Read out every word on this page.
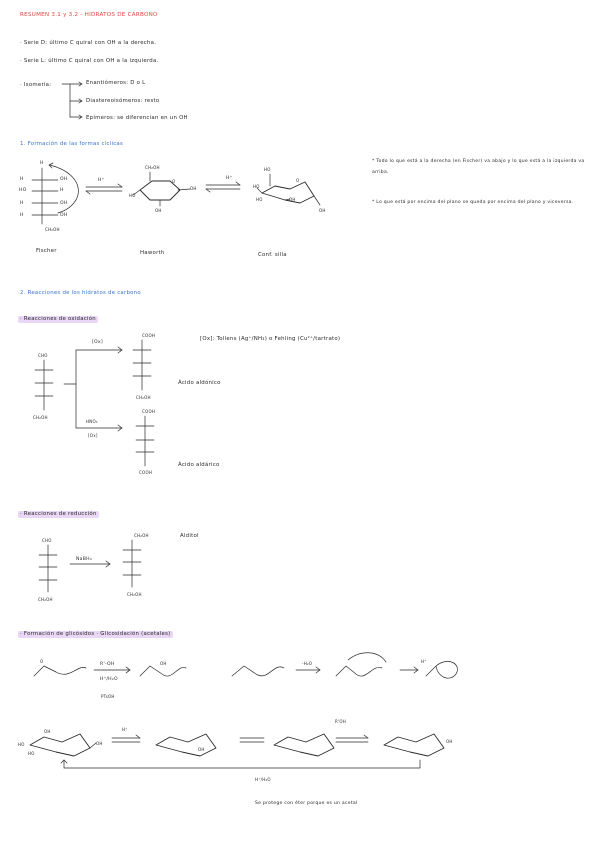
RESUMEN 3.1 y 3.2 - HIDRATOS DE CARBONO
· Serie D: último C quiral con OH a la derecha.
· Serie L: último C quiral con OH a la izquierda.
· Isomería:	Enantiómeros: D o L
Diastereoisómeros: resto
Epímeros: se diferencian en un OH
1. Formación de las formas cíclicas
H
H	OH
HO	H
H	OH
H	OH
CH₂OH
Fischer
H⁺
CH₂OH
O
OH
HO
OH
Haworth
H⁺
HO
O
HO
HO	OH
OH
Conf. silla
* Todo lo que está a la derecha (en Fischer) va abajo y lo que está a la izquierda va arriba.
* Lo que está por encima del plano se queda por encima del plano y viceversa.
2. Reacciones de los hidratos de carbono
· Reacciones de oxidación
[Ox]: Tollens (Ag⁺/NH₃) o Fehling (Cu²⁺/tartrato)
CHO
CH₂OH
[Ox]
COOH
CH₂OH
Ácido aldónico
HNO₃
[Ox]
COOH
COOH
Ácido aldárico
· Reacciones de reducción
CHO
CH₂OH
NaBH₄
CH₂OH
CH₂OH
Alditol
· Formación de glicósidos · Glicosidación (acetales)
O
R'-OH
H⁺/H₂O
PTsOH
OH	-H₂O	H⁺
OH
HO
HO
OH
H⁺
OH
R'OH
OH
H⁺/H₂O
Se protege con éter porque es un acetal
